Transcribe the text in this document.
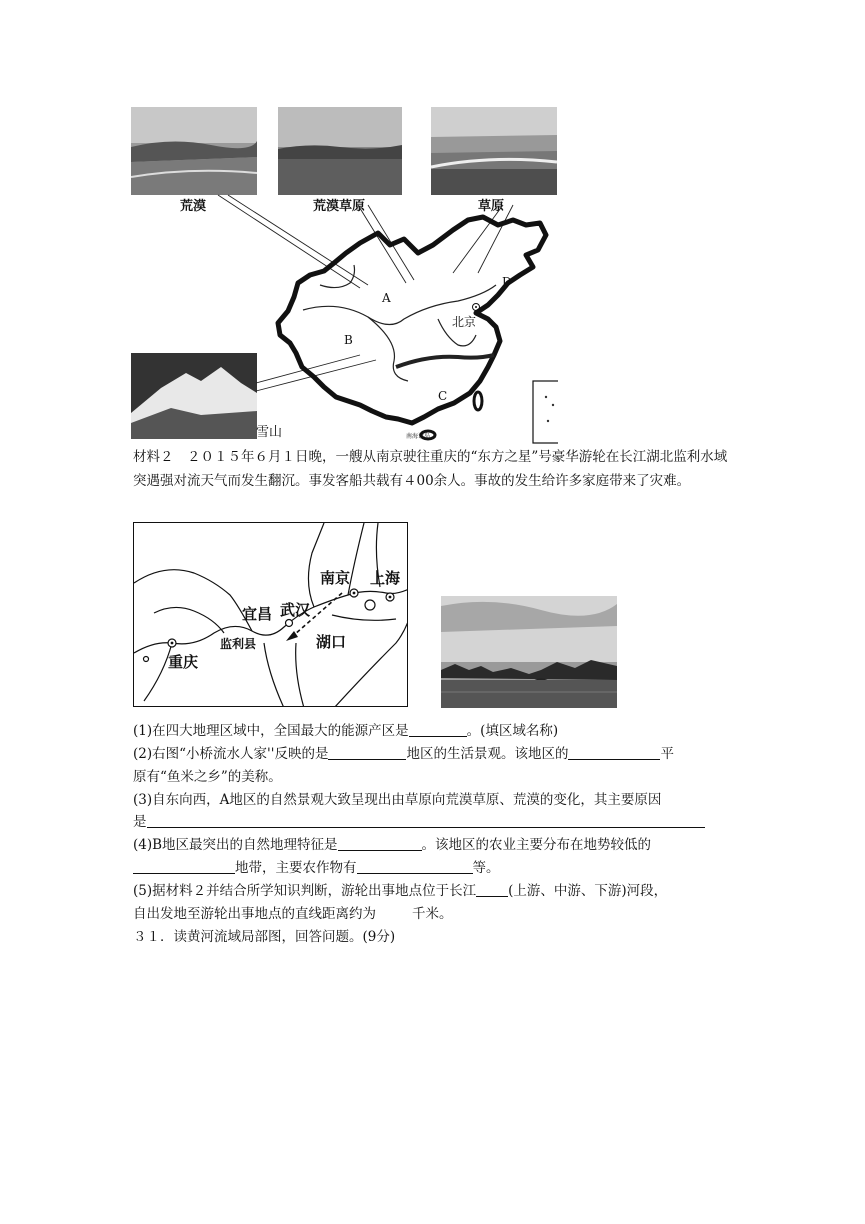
荒漠	荒漠草原	草原
雪山
A
B
C
D
北京
南海诸岛
材料２　２０１５年６月１日晚，一艘从南京驶往重庆的“东方之星”号豪华游轮在长江湖北监利水域突遇强对流天气而发生翻沉。事发客船共载有４00余人。事故的发生给许多家庭带来了灾难。
南京 上海
宜昌 武汉
监利县	湖口
重庆
(1)在四大地理区域中，全国最大的能源产区是	。(填区域名称)
(2)右图“小桥流水人家''反映的是	地区的生活景观。该地区的	平
原有“鱼米之乡”的美称。
(3)自东向西，A地区的自然景观大致呈现出由草原向荒漠草原、荒漠的变化，其主要原因
是
(4)B地区最突出的自然地理特征是	。该地区的农业主要分布在地势较低的
地带，主要农作物有	等。
(5)据材料２并结合所学知识判断，游轮出事地点位于长江 (上游、中游、下游)河段，
自出发地至游轮出事地点的直线距离约为	千米。
３１．读黄河流域局部图，回答问题。(9分)
